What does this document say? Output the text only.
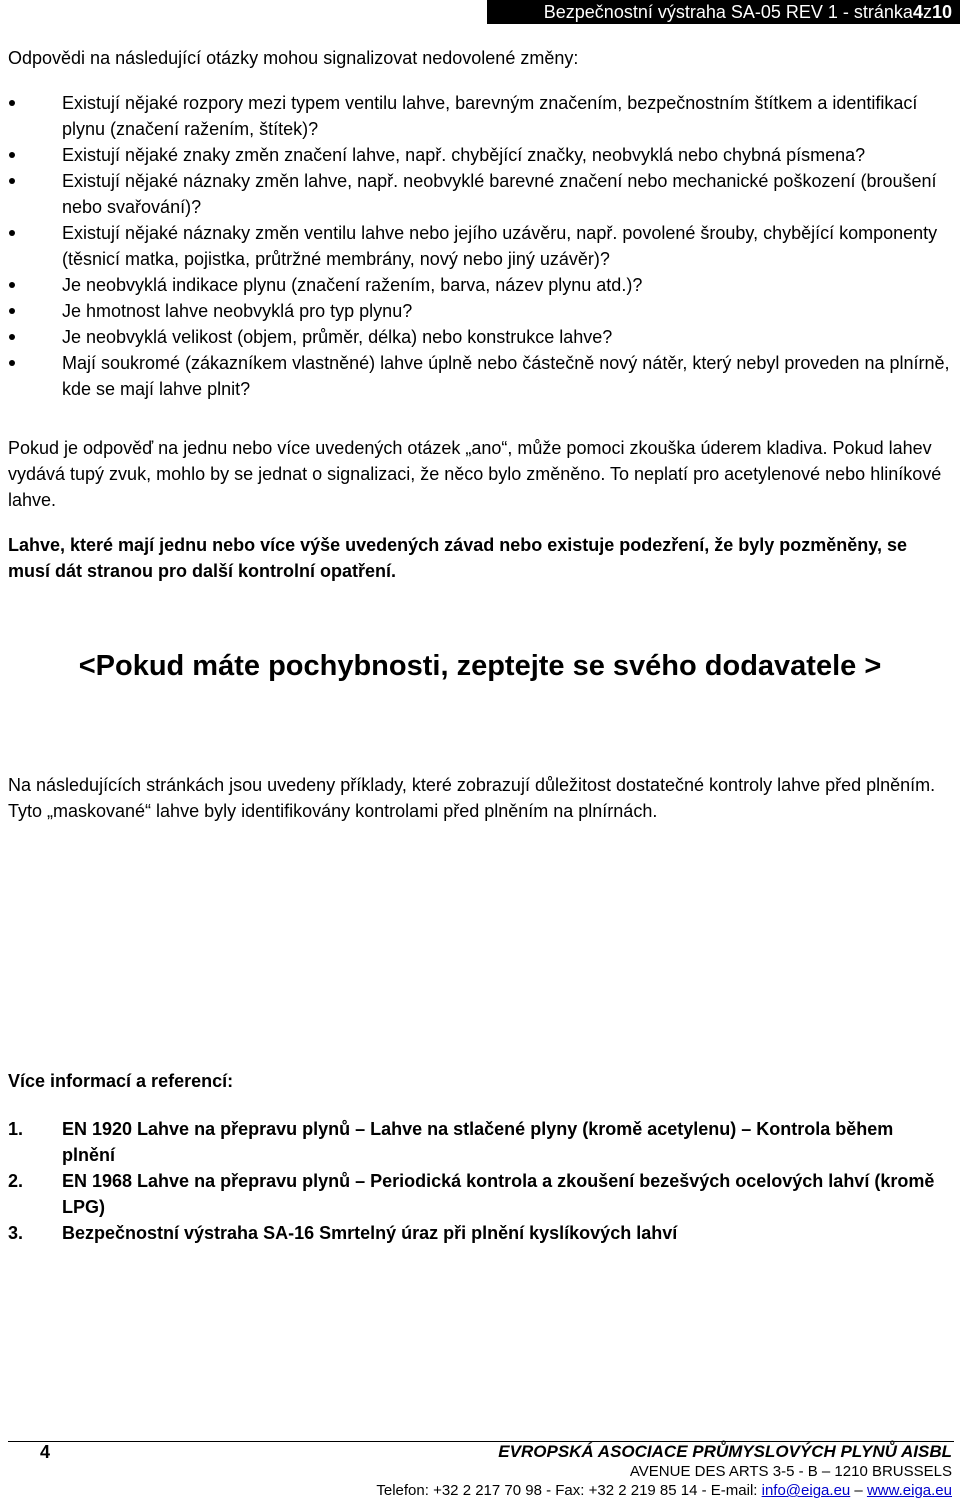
Bezpečnostní výstraha SA-05 REV 1 - stránka 4 z 10
Odpovědi na následující otázky mohou signalizovat nedovolené změny:
Existují nějaké rozpory mezi typem ventilu lahve, barevným značením, bezpečnostním štítkem a identifikací plynu (značení ražením, štítek)?
Existují nějaké znaky změn značení lahve, např. chybějící značky, neobvyklá nebo chybná písmena?
Existují nějaké náznaky změn lahve, např. neobvyklé barevné značení nebo mechanické poškození (broušení nebo svařování)?
Existují nějaké náznaky změn ventilu lahve nebo jejího uzávěru, např. povolené šrouby, chybějící komponenty (těsnicí matka, pojistka, průtržné membrány, nový nebo jiný uzávěr)?
Je neobvyklá indikace plynu (značení ražením, barva, název plynu atd.)?
Je hmotnost lahve neobvyklá pro typ plynu?
Je neobvyklá velikost (objem, průměr, délka) nebo konstrukce lahve?
Mají soukromé (zákazníkem vlastněné) lahve úplně nebo částečně nový nátěr, který nebyl proveden na plnírně, kde se mají lahve plnit?
Pokud je odpověď na jednu nebo více uvedených otázek „ano“, může pomoci zkouška úderem kladiva. Pokud lahev vydává tupý zvuk, mohlo by se jednat o signalizaci, že něco bylo změněno. To neplatí pro acetylenové nebo hliníkové lahve.
Lahve, které mají jednu nebo více výše uvedených závad nebo existuje podezření, že byly pozměněny, se musí dát stranou pro další kontrolní opatření.
<Pokud máte pochybnosti, zeptejte se svého dodavatele >
Na následujících stránkách jsou uvedeny příklady, které zobrazují důležitost dostatečné kontroly lahve před plněním. Tyto „maskované“ lahve byly identifikovány kontrolami před plněním na plnírnách.
Více informací a referencí:
1. EN 1920 Lahve na přepravu plynů – Lahve na stlačené plyny (kromě acetylenu) – Kontrola během plnění
2. EN 1968 Lahve na přepravu plynů – Periodická kontrola a zkoušení bezešvých ocelových lahví (kromě LPG)
3. Bezpečnostní výstraha SA-16 Smrtelný úraz při plnění kyslíkových lahví
4	EVROPSKÁ ASOCIACE PRŮMYSLOVÝCH PLYNŮ AISBL
AVENUE DES ARTS 3-5 - B – 1210 BRUSSELS
Telefon: +32 2 217 70 98 - Fax: +32 2 219 85 14 - E-mail: info@eiga.eu – www.eiga.eu
